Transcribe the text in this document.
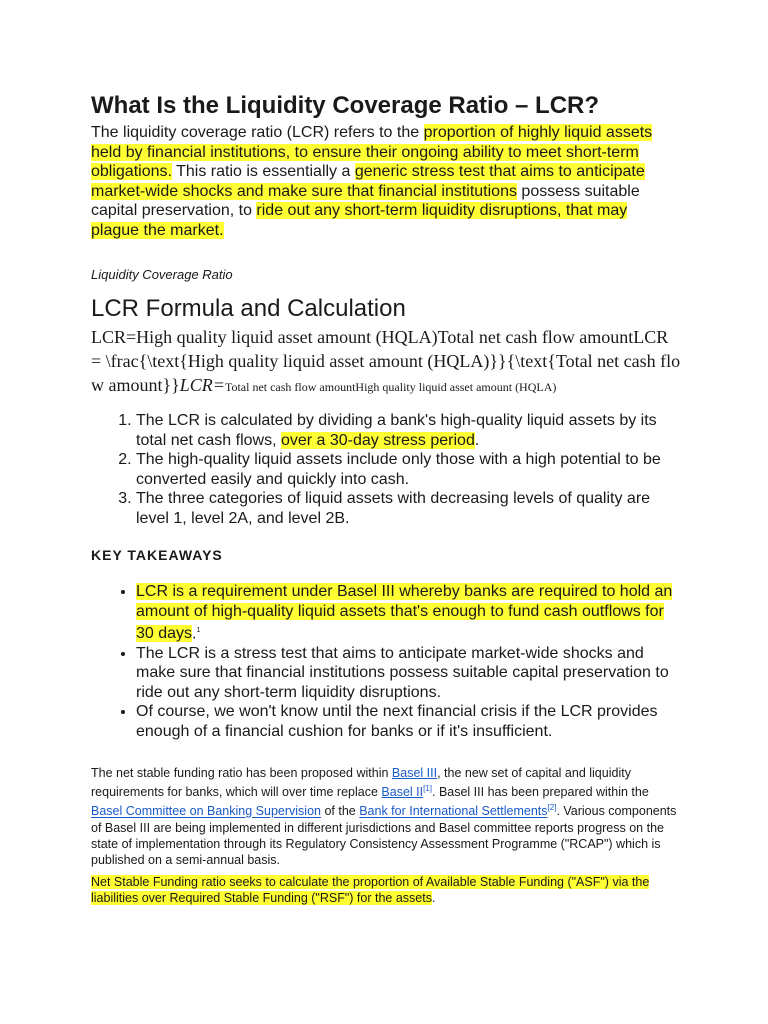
What Is the Liquidity Coverage Ratio – LCR?

The liquidity coverage ratio (LCR) refers to the proportion of highly liquid assets held by financial institutions, to ensure their ongoing ability to meet short-term obligations. This ratio is essentially a generic stress test that aims to anticipate market-wide shocks and make sure that financial institutions possess suitable capital preservation, to ride out any short-term liquidity disruptions, that may plague the market.

Liquidity Coverage Ratio

LCR Formula and Calculation
LCR=High quality liquid asset amount (HQLA)Total net cash flow amountLCR = \frac{\text{High quality liquid asset amount (HQLA)}}{\text{Total net cash flow amount}}LCR=Total net cash flow amountHigh quality liquid asset amount (HQLA)
1. The LCR is calculated by dividing a bank's high-quality liquid assets by its total net cash flows, over a 30-day stress period.
2. The high-quality liquid assets include only those with a high potential to be converted easily and quickly into cash.
3. The three categories of liquid assets with decreasing levels of quality are level 1, level 2A, and level 2B.
KEY TAKEAWAYS
• LCR is a requirement under Basel III whereby banks are required to hold an amount of high-quality liquid assets that's enough to fund cash outflows for 30 days.$^1$
• The LCR is a stress test that aims to anticipate market-wide shocks and make sure that financial institutions possess suitable capital preservation to ride out any short-term liquidity disruptions.
• Of course, we won't know until the next financial crisis if the LCR provides enough of a financial cushion for banks or if it's insufficient.

The net stable funding ratio has been proposed within Basel III, the new set of capital and liquidity requirements for banks, which will over time replace Basel II[1]. Basel III has been prepared within the Basel Committee on Banking Supervision of the Bank for International Settlements[2]. Various components of Basel III are being implemented in different jurisdictions and Basel committee reports progress on the state of implementation through its Regulatory Consistency Assessment Programme ("RCAP") which is published on a semi-annual basis.

Net Stable Funding ratio seeks to calculate the proportion of Available Stable Funding ("ASF") via the liabilities over Required Stable Funding ("RSF") for the assets.
